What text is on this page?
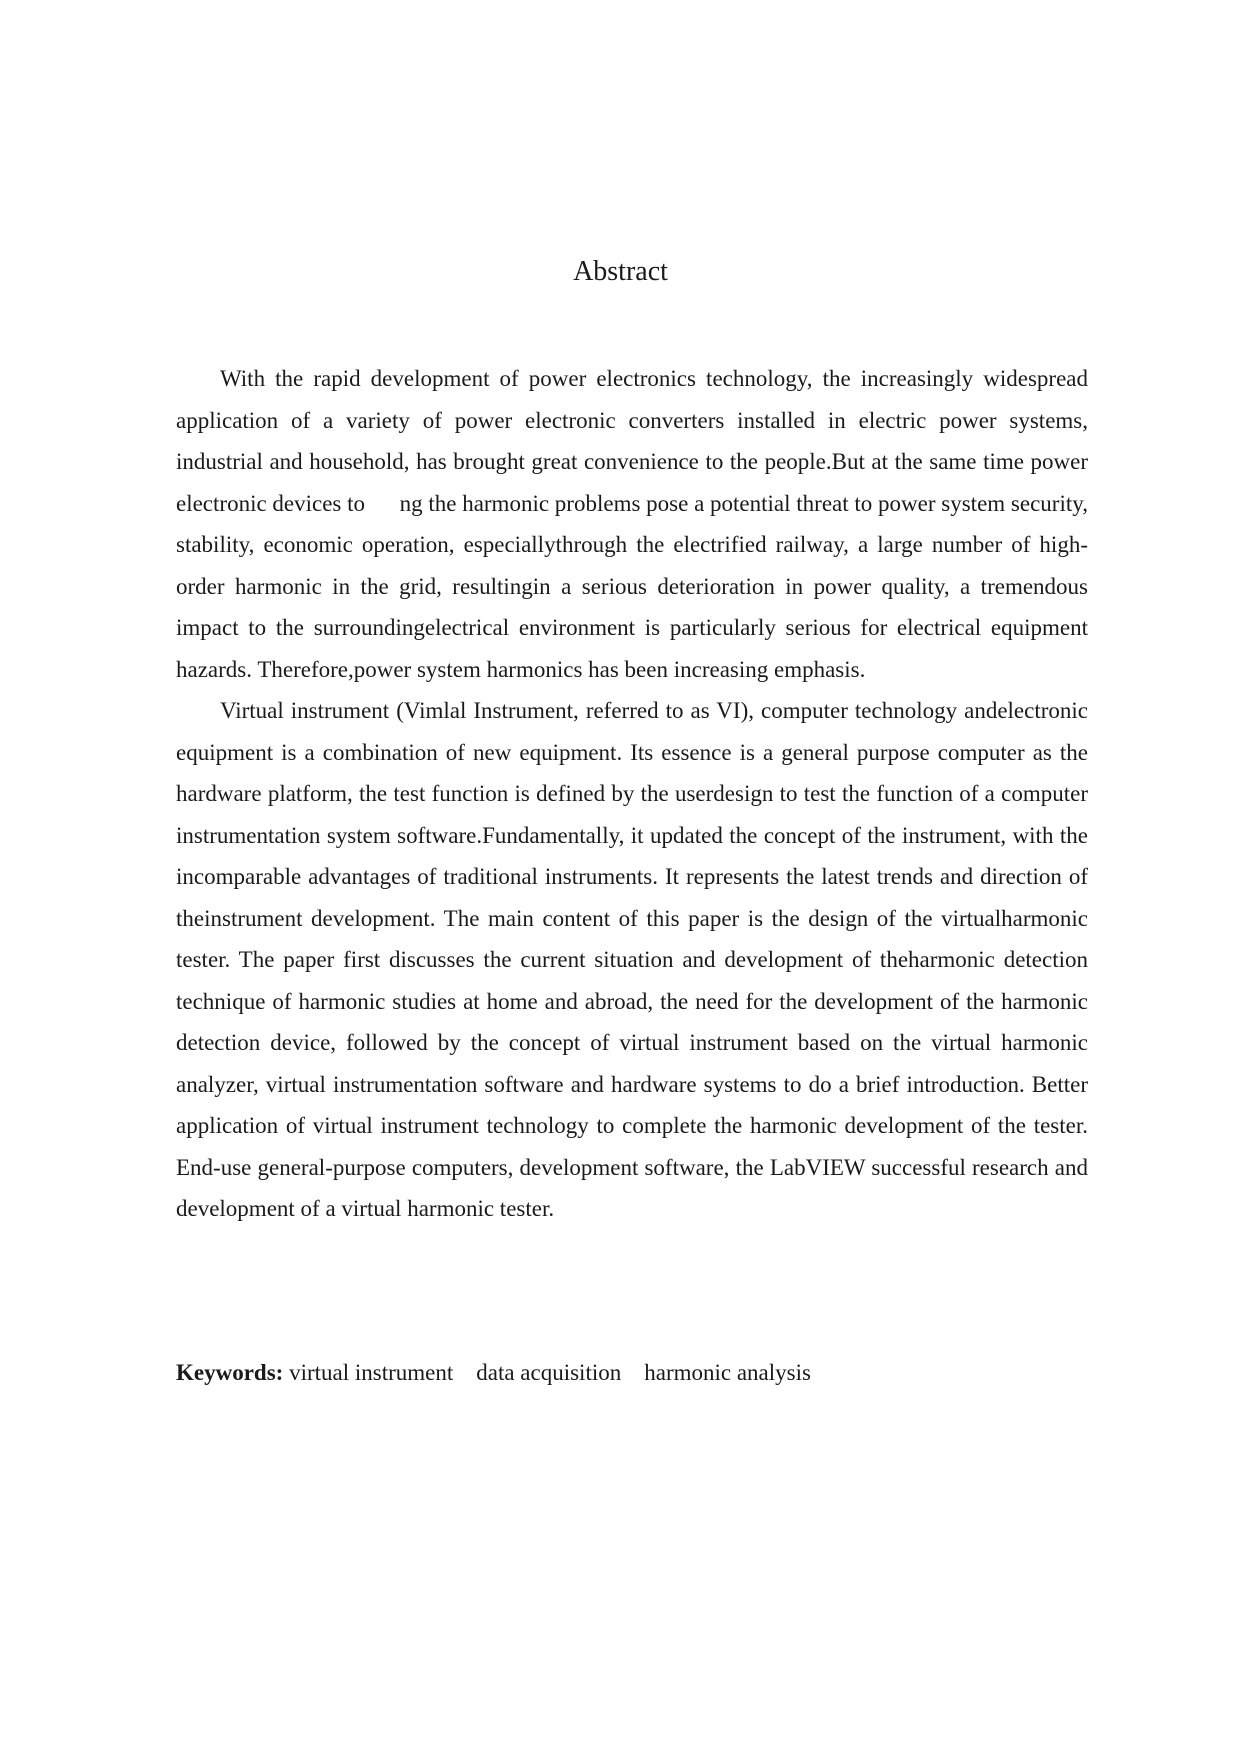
Abstract

With the rapid development of power electronics technology, the increasingly widespread application of a variety of power electronic converters installed in electric power systems, industrial and household, has brought great convenience to the people.But at the same time power electronic devices to      ng the harmonic problems pose a potential threat to power system security, stability, economic operation, especiallythrough the electrified railway, a large number of high-order harmonic in the grid, resultingin a serious deterioration in power quality, a tremendous impact to the surroundingelectrical environment is particularly serious for electrical equipment hazards. Therefore,power system harmonics has been increasing emphasis.

Virtual instrument (Vimlal Instrument, referred to as VI), computer technology andelectronic equipment is a combination of new equipment. Its essence is a general purpose computer as the hardware platform, the test function is defined by the userdesign to test the function of a computer instrumentation system software.Fundamentally, it updated the concept of the instrument, with the incomparable advantages of traditional instruments. It represents the latest trends and direction of theinstrument development. The main content of this paper is the design of the virtualharmonic tester. The paper first discusses the current situation and development of theharmonic detection technique of harmonic studies at home and abroad, the need for the development of the harmonic detection device, followed by the concept of virtual instrument based on the virtual harmonic analyzer, virtual instrumentation software and hardware systems to do a brief introduction. Better application of virtual instrument technology to complete the harmonic development of the tester. End-use general-purpose computers, development software, the LabVIEW successful research and development of a virtual harmonic tester.

Keywords: virtual instrument    data acquisition    harmonic analysis
